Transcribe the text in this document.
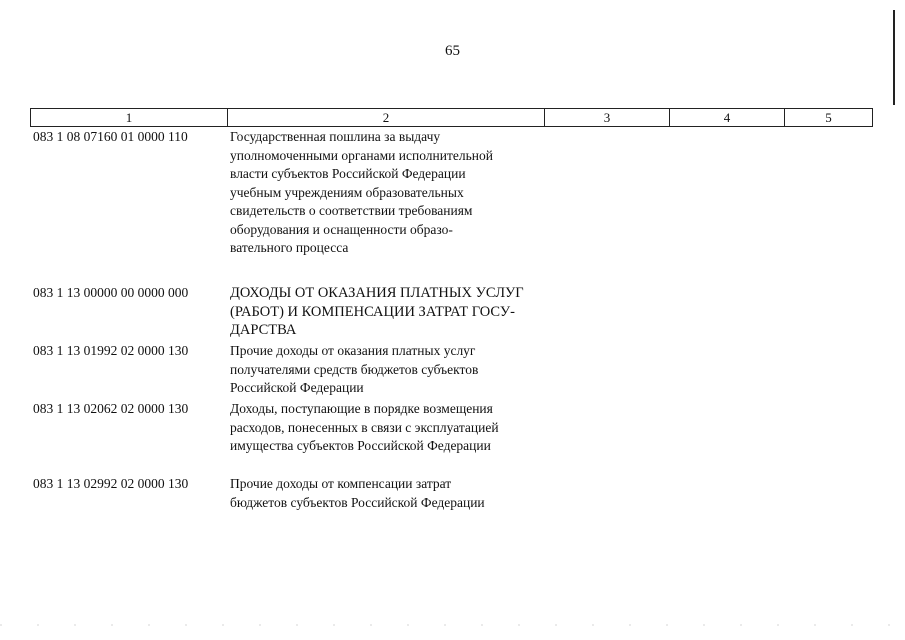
65
1	2	3	4	5
083 1 08 07160 01 0000 110	Государственная пошлина за выдачу
уполномоченными органами исполнительной
власти субъектов Российской Федерации
учебным учреждениям образовательных
свидетельств о соответствии требованиям
оборудования и оснащенности образо-
вательного процесса
083 1 13 00000 00 0000 000	ДОХОДЫ ОТ ОКАЗАНИЯ ПЛАТНЫХ УСЛУГ
(РАБОТ) И КОМПЕНСАЦИИ ЗАТРАТ ГОСУ-
ДАРСТВА
083 1 13 01992 02 0000 130	Прочие доходы от оказания платных услуг
получателями средств бюджетов субъектов
Российской Федерации
083 1 13 02062 02 0000 130	Доходы, поступающие в порядке возмещения
расходов, понесенных в связи с эксплуатацией
имущества субъектов Российской Федерации
083 1 13 02992 02 0000 130	Прочие доходы от компенсации затрат
бюджетов субъектов Российской Федерации
